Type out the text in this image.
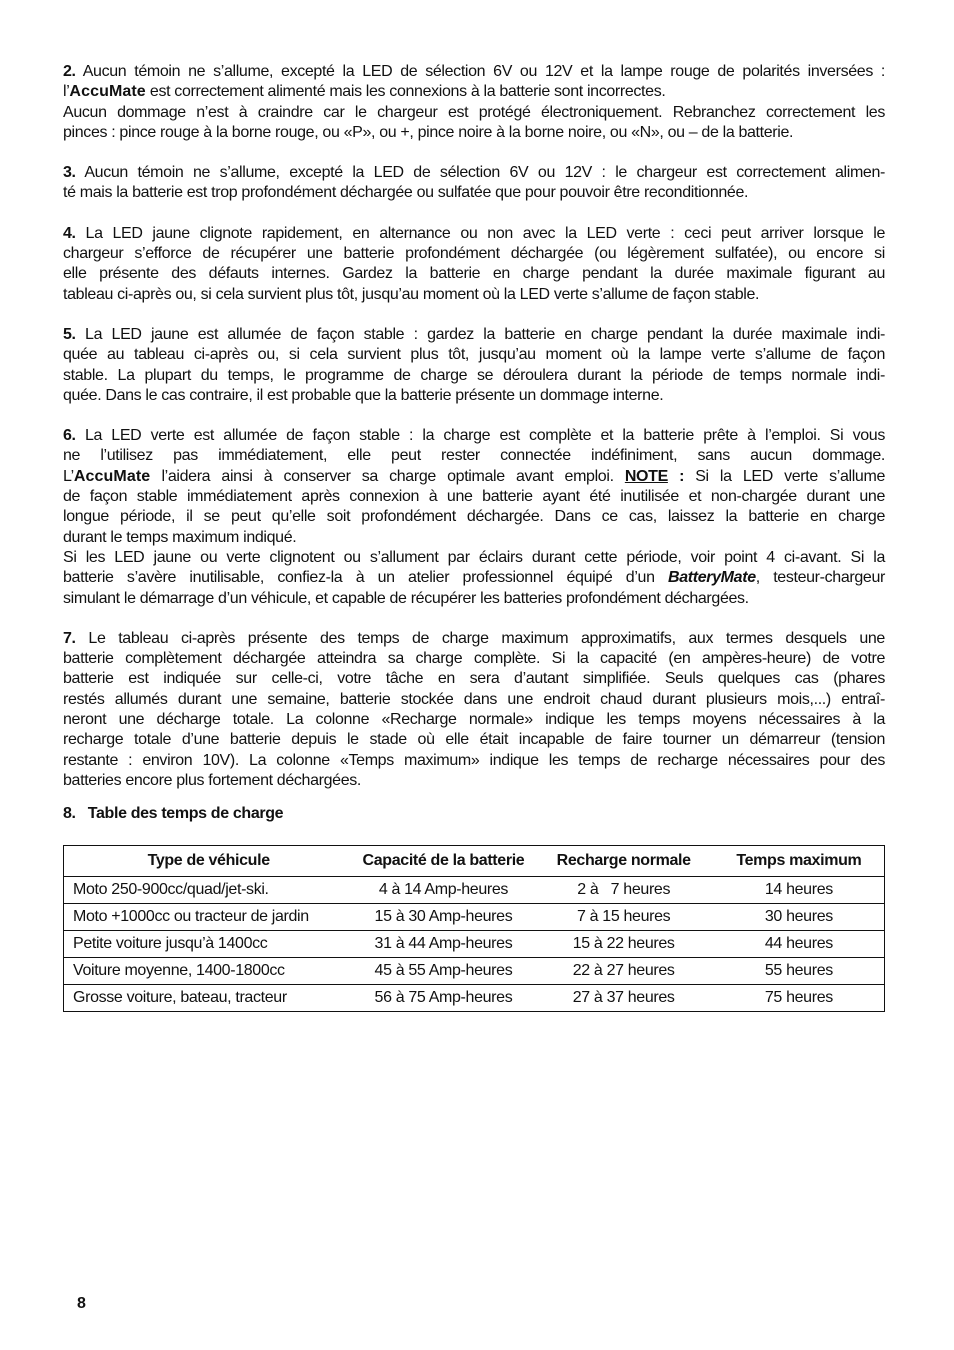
2. Aucun témoin ne s’allume, excepté la LED de sélection 6V ou 12V et la lampe rouge de polarités inversées :
l’AccuMate est correctement alimenté mais les connexions à la batterie sont incorrectes.
Aucun dommage n’est à craindre car le chargeur est protégé électroniquement. Rebranchez correctement les
pinces : pince rouge à la borne rouge, ou «P», ou +, pince noire à la borne noire, ou «N», ou – de la batterie.

3. Aucun témoin ne s’allume, excepté la LED de sélection 6V ou 12V : le chargeur est correctement alimen-
té mais la batterie est trop profondément déchargée ou sulfatée que pour pouvoir être reconditionnée.

4. La LED jaune clignote rapidement, en alternance ou non avec la LED verte : ceci peut arriver lorsque le
chargeur s’efforce de récupérer une batterie profondément déchargée (ou légèrement sulfatée), ou encore si
elle présente des défauts internes. Gardez la batterie en charge pendant la durée maximale figurant au
tableau ci-après ou, si cela survient plus tôt, jusqu’au moment où la LED verte s’allume de façon stable.

5. La LED jaune est allumée de façon stable : gardez la batterie en charge pendant la durée maximale indi-
quée au tableau ci-après ou, si cela survient plus tôt, jusqu’au moment où la lampe verte s’allume de façon
stable. La plupart du temps, le programme de charge se déroulera durant la période de temps normale indi-
quée. Dans le cas contraire, il est probable que la batterie présente un dommage interne.

6. La LED verte est allumée de façon stable : la charge est complète et la batterie prête à l’emploi. Si vous
ne l’utilisez pas immédiatement, elle peut rester connectée indéfiniment, sans aucun dommage.
L’AccuMate l’aidera ainsi à conserver sa charge optimale avant emploi. NOTE : Si la LED verte s’allume
de façon stable immédiatement après connexion à une batterie ayant été inutilisée et non-chargée durant une
longue période, il se peut qu’elle soit profondément déchargée. Dans ce cas, laissez la batterie en charge
durant le temps maximum indiqué.
Si les LED jaune ou verte clignotent ou s’allument par éclairs durant cette période, voir point 4 ci-avant. Si la
batterie s’avère inutilisable, confiez-la à un atelier professionnel équipé d’un BatteryMate, testeur-chargeur
simulant le démarrage d’un véhicule, et capable de récupérer les batteries profondément déchargées.

7. Le tableau ci-après présente des temps de charge maximum approximatifs, aux termes desquels une
batterie complètement déchargée atteindra sa charge complète. Si la capacité (en ampères-heure) de votre
batterie est indiquée sur celle-ci, votre tâche en sera d’autant simplifiée. Seuls quelques cas (phares
restés allumés durant une semaine, batterie stockée dans une endroit chaud durant plusieurs mois,...) entraî-
neront une décharge totale. La colonne «Recharge normale» indique les temps moyens nécessaires à la
recharge totale d’une batterie depuis le stade où elle était incapable de faire tourner un démarreur (tension
restante : environ 10V). La colonne «Temps maximum» indique les temps de recharge nécessaires pour des
batteries encore plus fortement déchargées.

8. Table des temps de charge

Type de véhicule	Capacité de la batterie	Recharge normale	Temps maximum
Moto 250-900cc/quad/jet-ski.	4 à 14 Amp-heures	2 à   7 heures	14 heures
Moto +1000cc ou tracteur de jardin	15 à 30 Amp-heures	7 à 15 heures	30 heures
Petite voiture jusqu’à 1400cc	31 à 44 Amp-heures	15 à 22 heures	44 heures
Voiture moyenne, 1400-1800cc	45 à 55 Amp-heures	22 à 27 heures	55 heures
Grosse voiture, bateau, tracteur	56 à 75 Amp-heures	27 à 37 heures	75 heures
8
